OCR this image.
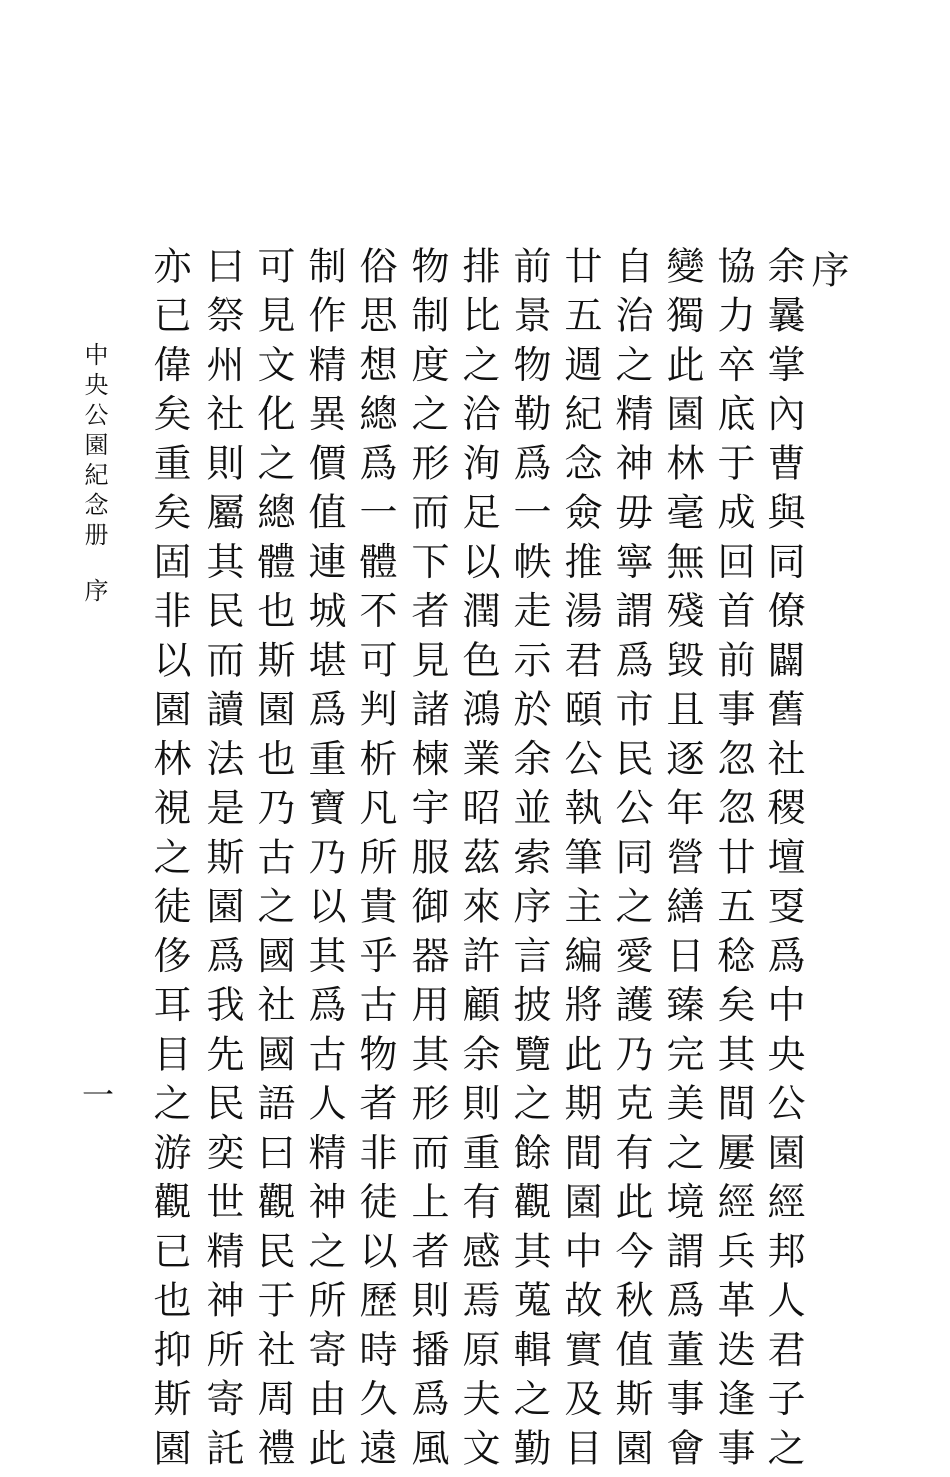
序
余曩掌內曹與同僚闢舊社稷壇㪅爲中央公園經邦人君子之
協力卒底于成回首前事忽忽廿五稔矣其間屢經兵革迭逢事
變獨此園林毫無殘毀且逐年營繕日臻完美之境謂爲董事會
自治之精神毋寧謂爲市民公同之愛護乃克有此今秋值斯園
廿五週紀念僉推湯君頤公執筆主編將此期間園中故實及目
前景物勒爲一帙走示於余並索序言披覽之餘觀其蒐輯之勤
排比之洽洵足以潤色鴻業昭茲來許顧余則重有感焉原夫文
物制度之形而下者見諸楝宇服御器用其形而上者則播爲風
俗思想總爲一體不可判析凡所貴乎古物者非徒以歷時久遠
制作精異價值連城堪爲重寶乃以其爲古人精神之所寄由此
可見文化之總體也斯園也乃古之國社國語曰觀民于社周禮
曰祭州社則屬其民而讀法是斯園爲我先民奕世精神所寄託
亦已偉矣重矣固非以園林視之徒侈耳目之游觀已也抑斯園
中央公園紀念册
序
一
